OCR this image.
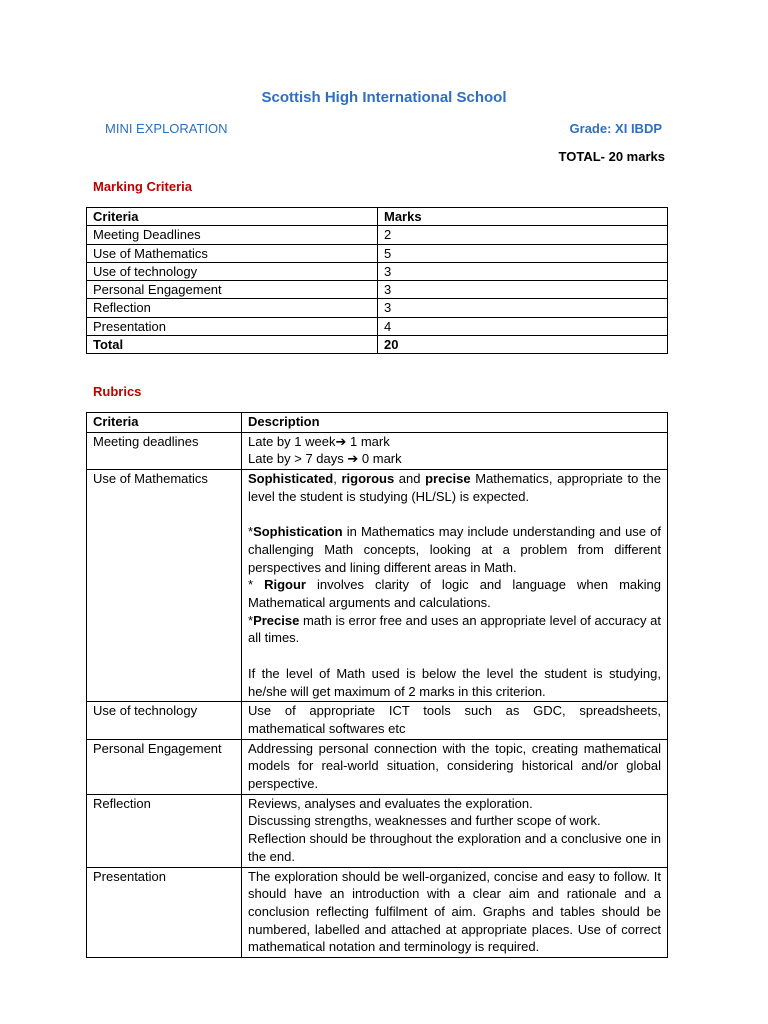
Scottish High International School
MINI EXPLORATION	Grade: XI IBDP
TOTAL- 20 marks
Marking Criteria
Criteria	Marks
Meeting Deadlines	2
Use of Mathematics	5
Use of technology	3
Personal Engagement	3
Reflection	3
Presentation	4
Total	20
Rubrics
Criteria	Description
Meeting deadlines	Late by 1 week➔ 1 mark

Late by > 7 days ➔ 0 mark

Use of Mathematics	Sophisticated, rigorous and precise Mathematics, appropriate to the level the student is studying (HL/SL) is expected.

*Sophistication in Mathematics may include understanding and use of challenging Math concepts, looking at a problem from different perspectives and lining different areas in Math.

* Rigour involves clarity of logic and language when making Mathematical arguments and calculations.

*Precise math is error free and uses an appropriate level of accuracy at all times.

If the level of Math used is below the level the student is studying, he/she will get maximum of 2 marks in this criterion.

Use of technology	Use of appropriate ICT tools such as GDC, spreadsheets, mathematical softwares etc
Personal Engagement	Addressing personal connection with the topic, creating mathematical models for real-world situation, considering historical and/or global perspective.
Reflection	Reviews, analyses and evaluates the exploration.

Discussing strengths, weaknesses and further scope of work.

Reflection should be throughout the exploration and a conclusive one in the end.

Presentation	The exploration should be well-organized, concise and easy to follow. It should have an introduction with a clear aim and rationale and a conclusion reflecting fulfilment of aim. Graphs and tables should be numbered, labelled and attached at appropriate places. Use of correct mathematical notation and terminology is required.
